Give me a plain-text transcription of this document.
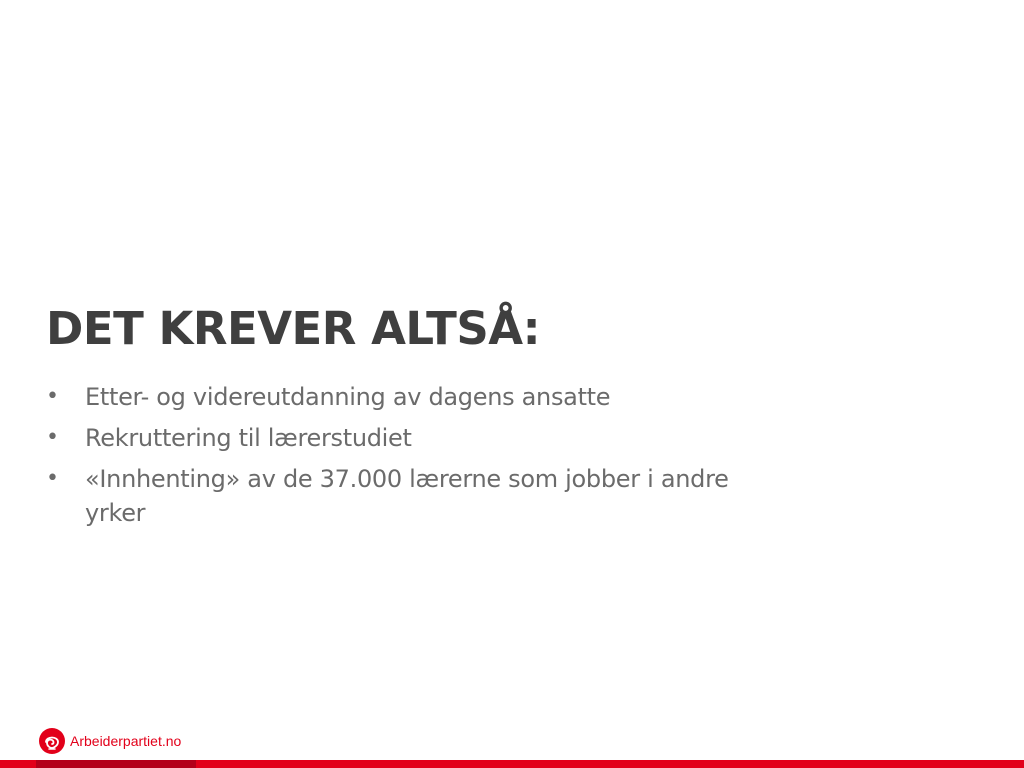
DET KREVER ALTSÅ:
• Etter- og videreutdanning av dagens ansatte
• Rekruttering til lærerstudiet
• «Innhenting» av de 37.000 lærerne som jobber i andre yrker
Arbeiderpartiet.no
